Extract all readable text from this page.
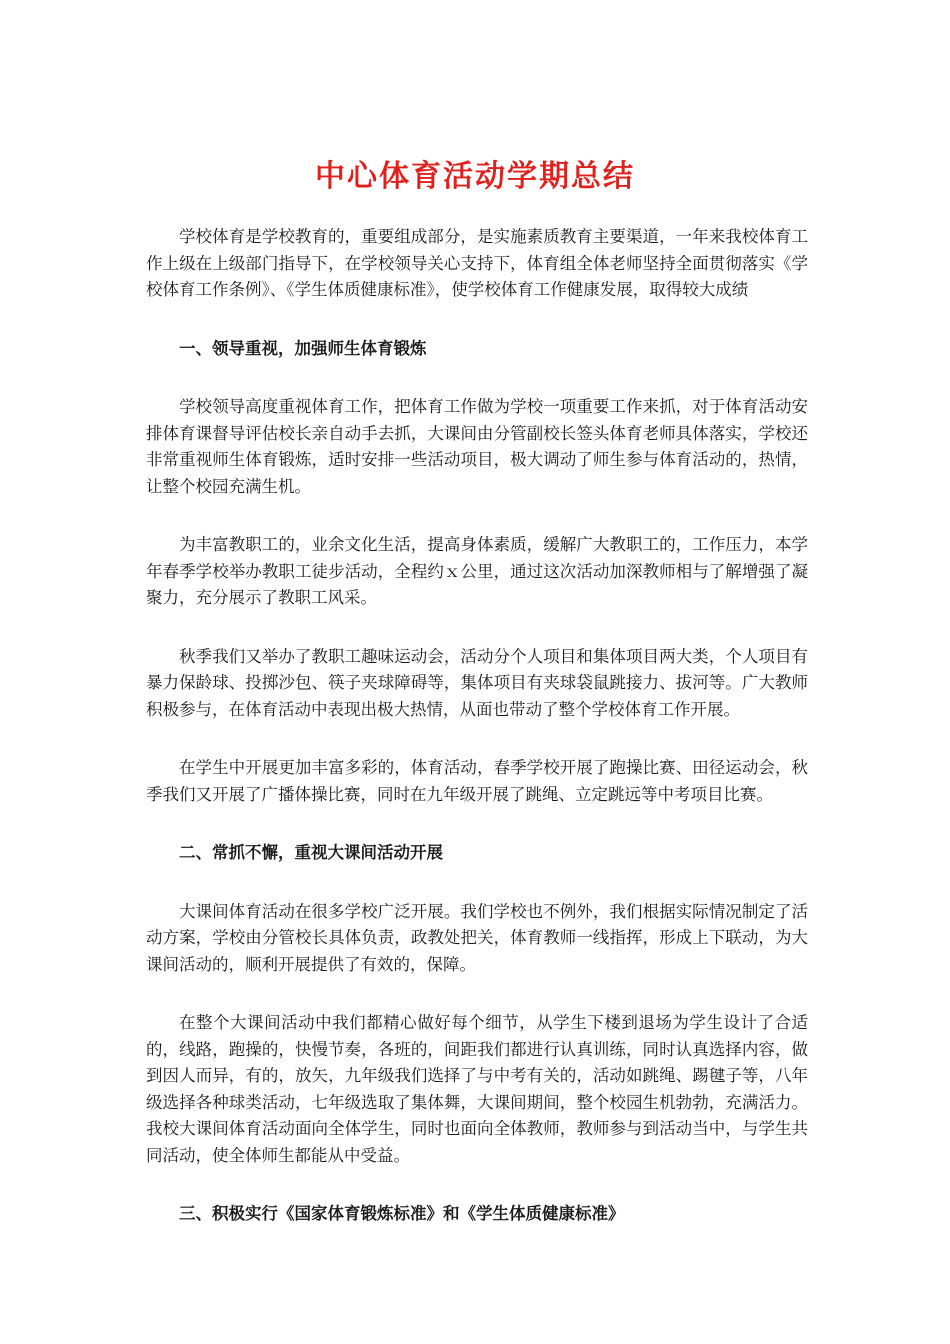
中心体育活动学期总结

学校体育是学校教育的，重要组成部分，是实施素质教育主要渠道，一年来我校体育工作上级在上级部门指导下，在学校领导关心支持下，体育组全体老师坚持全面贯彻落实《学校体育工作条例》、《学生体质健康标准》，使学校体育工作健康发展，取得较大成绩

一、领导重视，加强师生体育锻炼

学校领导高度重视体育工作，把体育工作做为学校一项重要工作来抓，对于体育活动安排体育课督导评估校长亲自动手去抓，大课间由分管副校长签头体育老师具体落实，学校还非常重视师生体育锻炼，适时安排一些活动项目，极大调动了师生参与体育活动的，热情，让整个校园充满生机。

为丰富教职工的，业余文化生活，提高身体素质，缓解广大教职工的，工作压力，本学年春季学校举办教职工徒步活动，全程约ｘ公里，通过这次活动加深教师相与了解增强了凝聚力，充分展示了教职工风采。

秋季我们又举办了教职工趣味运动会，活动分个人项目和集体项目两大类，个人项目有暴力保龄球、投掷沙包、筷子夹球障碍等，集体项目有夹球袋鼠跳接力、拔河等。广大教师积极参与，在体育活动中表现出极大热情，从面也带动了整个学校体育工作开展。

在学生中开展更加丰富多彩的，体育活动，春季学校开展了跑操比赛、田径运动会，秋季我们又开展了广播体操比赛，同时在九年级开展了跳绳、立定跳远等中考项目比赛。

二、常抓不懈，重视大课间活动开展

大课间体育活动在很多学校广泛开展。我们学校也不例外，我们根据实际情况制定了活动方案，学校由分管校长具体负责，政教处把关，体育教师一线指挥，形成上下联动，为大课间活动的，顺利开展提供了有效的，保障。

在整个大课间活动中我们都精心做好每个细节，从学生下楼到退场为学生设计了合适的，线路，跑操的，快慢节奏，各班的，间距我们都进行认真训练，同时认真选择内容，做到因人而异，有的，放矢，九年级我们选择了与中考有关的，活动如跳绳、踢毽子等，八年级选择各种球类活动，七年级选取了集体舞，大课间期间，整个校园生机勃勃，充满活力。我校大课间体育活动面向全体学生，同时也面向全体教师，教师参与到活动当中，与学生共同活动，使全体师生都能从中受益。

三、积极实行《国家体育锻炼标准》和《学生体质健康标准》
